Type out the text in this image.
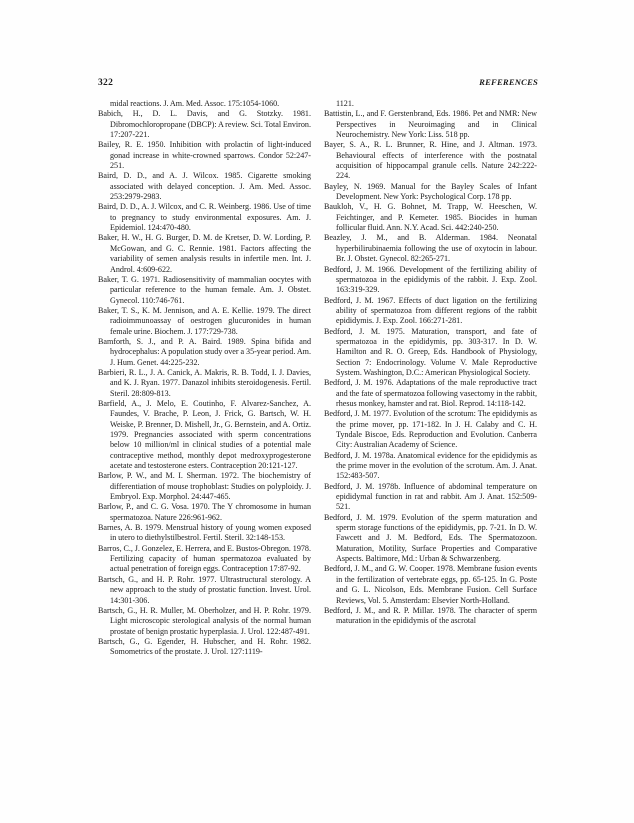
322	REFERENCES

midal reactions. J. Am. Med. Assoc. 175:1054-1060.

Babich, H., D. L. Davis, and G. Stotzky. 1981. Dibromochloropropane (DBCP): A review. Sci. Total Environ. 17:207-221.

Bailey, R. E. 1950. Inhibition with prolactin of light-induced gonad increase in white-crowned sparrows. Condor 52:247-251.

Baird, D. D., and A. J. Wilcox. 1985. Cigarette smoking associated with delayed conception. J. Am. Med. Assoc. 253:2979-2983.

Baird, D. D., A. J. Wilcox, and C. R. Weinberg. 1986. Use of time to pregnancy to study environmental exposures. Am. J. Epidemiol. 124:470-480.

Baker, H. W., H. G. Burger, D. M. de Kretser, D. W. Lording, P. McGowan, and G. C. Rennie. 1981. Factors affecting the variability of semen analysis results in infertile men. Int. J. Androl. 4:609-622.

Baker, T. G. 1971. Radiosensitivity of mammalian oocytes with particular reference to the human female. Am. J. Obstet. Gynecol. 110:746-761.

Baker, T. S., K. M. Jennison, and A. E. Kellie. 1979. The direct radioimmunoassay of oestrogen glucuronides in human female urine. Biochem. J. 177:729-738.

Bamforth, S. J., and P. A. Baird. 1989. Spina bifida and hydrocephalus: A population study over a 35-year period. Am. J. Hum. Genet. 44:225-232.

Barbieri, R. L., J. A. Canick, A. Makris, R. B. Todd, I. J. Davies, and K. J. Ryan. 1977. Danazol inhibits steroidogenesis. Fertil. Steril. 28:809-813.

Barfield, A., J. Melo, E. Coutinho, F. Alvarez-Sanchez, A. Faundes, V. Brache, P. Leon, J. Frick, G. Bartsch, W. H. Weiske, P. Brenner, D. Mishell, Jr., G. Bernstein, and A. Ortiz. 1979. Pregnancies associated with sperm concentrations below 10 million/ml in clinical studies of a potential male contraceptive method, monthly depot medroxyprogesterone acetate and testosterone esters. Contraception 20:121-127.

Barlow, P. W., and M. I. Sherman. 1972. The biochemistry of differentiation of mouse trophoblast: Studies on polyploidy. J. Embryol. Exp. Morphol. 24:447-465.

Barlow, P., and C. G. Vosa. 1970. The Y chromosome in human spermatozoa. Nature 226:961-962.

Barnes, A. B. 1979. Menstrual history of young women exposed in utero to diethylstilbestrol. Fertil. Steril. 32:148-153.

Barros, C., J. Gonzelez, E. Herrera, and E. Bustos-Obregon. 1978. Fertilizing capacity of human spermatozoa evaluated by actual penetration of foreign eggs. Contraception 17:87-92.

Bartsch, G., and H. P. Rohr. 1977. Ultrastructural sterology. A new approach to the study of prostatic function. Invest. Urol. 14:301-306.

Bartsch, G., H. R. Muller, M. Oberholzer, and H. P. Rohr. 1979. Light microscopic sterological analysis of the normal human prostate of benign prostatic hyperplasia. J. Urol. 122:487-491.

Bartsch, G., G. Egender, H. Hubscher, and H. Rohr. 1982. Somometrics of the prostate. J. Urol. 127:1119-

1121.

Battistin, L., and F. Gerstenbrand, Eds. 1986. Pet and NMR: New Perspectives in Neuroimaging and in Clinical Neurochemistry. New York: Liss. 518 pp.

Bayer, S. A., R. L. Brunner, R. Hine, and J. Altman. 1973. Behavioural effects of interference with the postnatal acquisition of hippocampal granule cells. Nature 242:222-224.

Bayley, N. 1969. Manual for the Bayley Scales of Infant Development. New York: Psychological Corp. 178 pp.

Baukloh, V., H. G. Bohnet, M. Trapp, W. Heeschen, W. Feichtinger, and P. Kemeter. 1985. Biocides in human follicular fluid. Ann. N.Y. Acad. Sci. 442:240-250.

Beazley, J. M., and B. Alderman. 1984. Neonatal hyperbilirubinaemia following the use of oxytocin in labour. Br. J. Obstet. Gynecol. 82:265-271.

Bedford, J. M. 1966. Development of the fertilizing ability of spermatozoa in the epididymis of the rabbit. J. Exp. Zool. 163:319-329.

Bedford, J. M. 1967. Effects of duct ligation on the fertilizing ability of spermatozoa from different regions of the rabbit epididymis. J. Exp. Zool. 166:271-281.

Bedford, J. M. 1975. Maturation, transport, and fate of spermatozoa in the epididymis, pp. 303-317. In D. W. Hamilton and R. O. Greep, Eds. Handbook of Physiology, Section 7: Endocrinology. Volume V. Male Reproductive System. Washington, D.C.: American Physiological Society.

Bedford, J. M. 1976. Adaptations of the male reproductive tract and the fate of spermatozoa following vasectomy in the rabbit, rhesus monkey, hamster and rat. Biol. Reprod. 14:118-142.

Bedford, J. M. 1977. Evolution of the scrotum: The epididymis as the prime mover, pp. 171-182. In J. H. Calaby and C. H. Tyndale Biscoe, Eds. Reproduction and Evolution. Canberra City: Australian Academy of Science.

Bedford, J. M. 1978a. Anatomical evidence for the epididymis as the prime mover in the evolution of the scrotum. Am. J. Anat. 152:483-507.

Bedford, J. M. 1978b. Influence of abdominal temperature on epididymal function in rat and rabbit. Am J. Anat. 152:509-521.

Bedford, J. M. 1979. Evolution of the sperm maturation and sperm storage functions of the epididymis, pp. 7-21. In D. W. Fawcett and J. M. Bedford, Eds. The Spermatozoon. Maturation, Motility, Surface Properties and Comparative Aspects. Baltimore, Md.: Urban & Schwarzenberg.

Bedford, J. M., and G. W. Cooper. 1978. Membrane fusion events in the fertilization of vertebrate eggs, pp. 65-125. In G. Poste and G. L. Nicolson, Eds. Membrane Fusion. Cell Surface Reviews, Vol. 5. Amsterdam: Elsevier North-Holland.

Bedford, J. M., and R. P. Millar. 1978. The character of sperm maturation in the epididymis of the ascrotal
